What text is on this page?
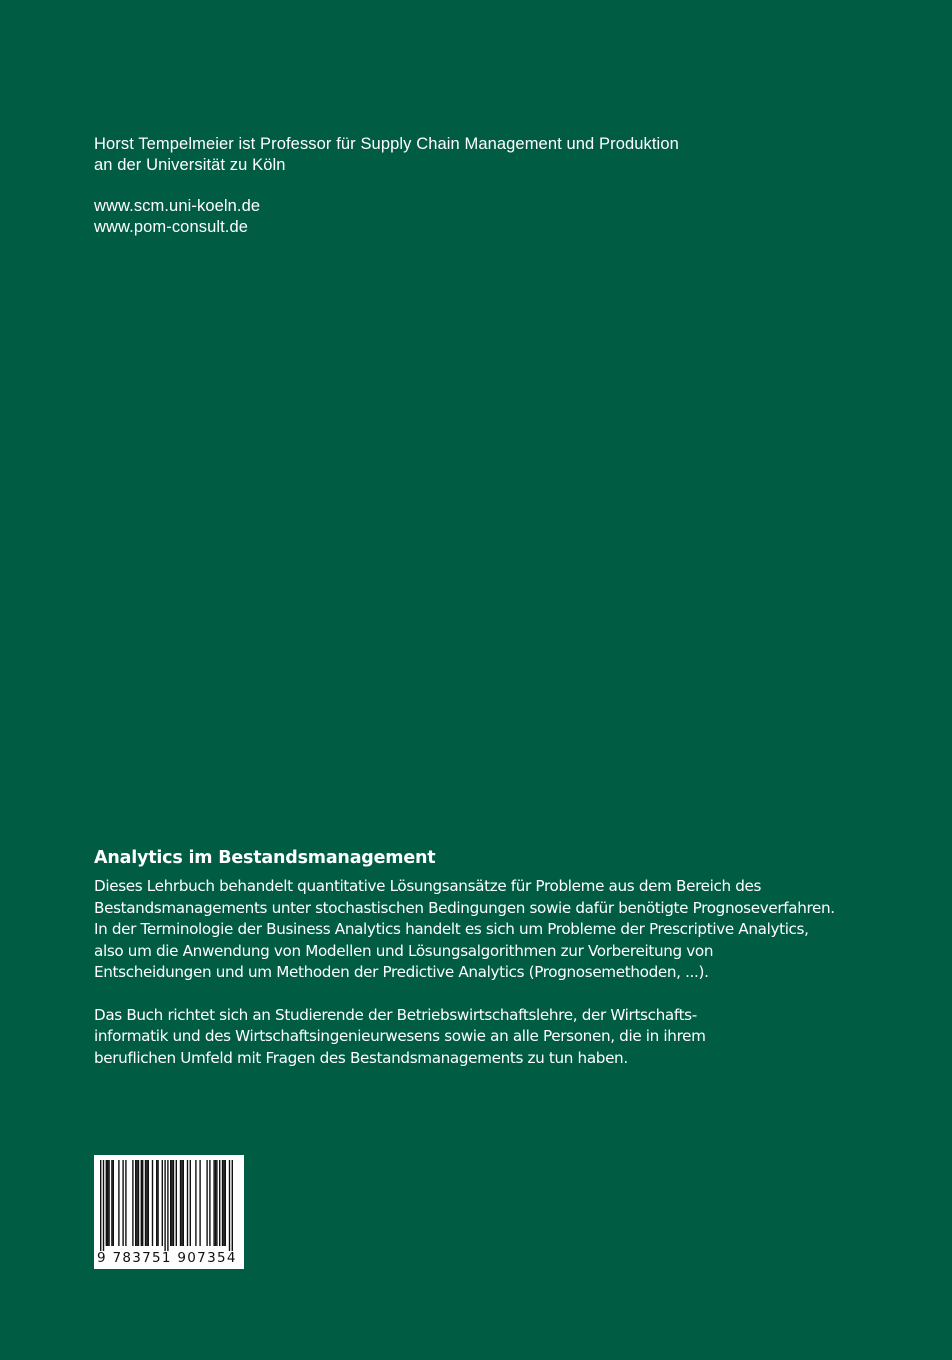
Horst Tempelmeier ist Professor für Supply Chain Management und Produktion
an der Universität zu Köln

www.scm.uni-koeln.de
www.pom-consult.de

Analytics im Bestandsmanagement

Dieses Lehrbuch behandelt quantitative Lösungsansätze für Probleme aus dem Bereich des
Bestandsmanagements unter stochastischen Bedingungen sowie dafür benötigte Prognoseverfahren.
In der Terminologie der Business Analytics handelt es sich um Probleme der Prescriptive Analytics,
also um die Anwendung von Modellen und Lösungsalgorithmen zur Vorbereitung von
Entscheidungen und um Methoden der Predictive Analytics (Prognosemethoden, ...).

Das Buch richtet sich an Studierende der Betriebswirtschaftslehre, der Wirtschafts-
informatik und des Wirtschaftsingenieurwesens sowie an alle Personen, die in ihrem
beruflichen Umfeld mit Fragen des Bestandsmanagements zu tun haben.

9 783751 907354
